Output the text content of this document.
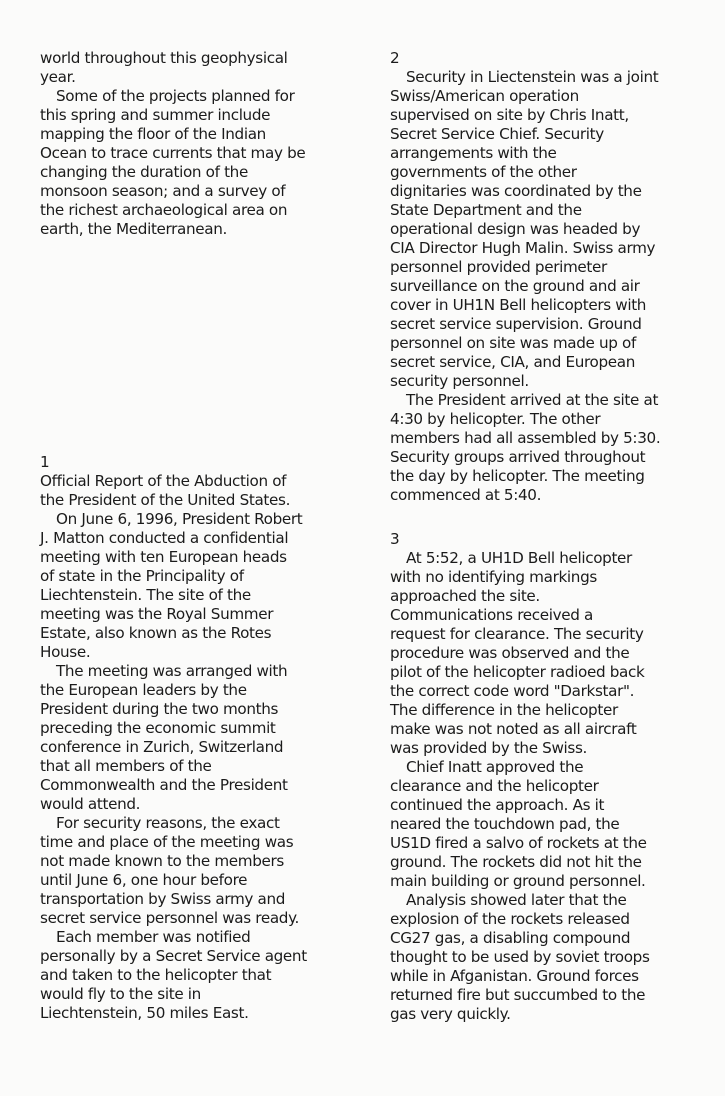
world throughout this geophysical
year.

Some of the projects planned for
this spring and summer include
mapping the floor of the Indian
Ocean to trace currents that may be
changing the duration of the
monsoon season; and a survey of
the richest archaeological area on
earth, the Mediterranean.

1

Official Report of the Abduction of
the President of the United States.

On June 6, 1996, President Robert
J. Matton conducted a confidential
meeting with ten European heads
of state in the Principality of
Liechtenstein. The site of the
meeting was the Royal Summer
Estate, also known as the Rotes
House.

The meeting was arranged with
the European leaders by the
President during the two months
preceding the economic summit
conference in Zurich, Switzerland
that all members of the
Commonwealth and the President
would attend.

For security reasons, the exact
time and place of the meeting was
not made known to the members
until June 6, one hour before
transportation by Swiss army and
secret service personnel was ready.

Each member was notified
personally by a Secret Service agent
and taken to the helicopter that
would fly to the site in
Liechtenstein, 50 miles East.

2

Security in Liectenstein was a joint
Swiss/American operation
supervised on site by Chris Inatt,
Secret Service Chief. Security
arrangements with the
governments of the other
dignitaries was coordinated by the
State Department and the
operational design was headed by
CIA Director Hugh Malin. Swiss army
personnel provided perimeter
surveillance on the ground and air
cover in UH1N Bell helicopters with
secret service supervision. Ground
personnel on site was made up of
secret service, CIA, and European
security personnel.

The President arrived at the site at
4:30 by helicopter. The other
members had all assembled by 5:30.
Security groups arrived throughout
the day by helicopter. The meeting
commenced at 5:40.

3

At 5:52, a UH1D Bell helicopter
with no identifying markings
approached the site.
Communications received a
request for clearance. The security
procedure was observed and the
pilot of the helicopter radioed back
the correct code word "Darkstar".
The difference in the helicopter
make was not noted as all aircraft
was provided by the Swiss.

Chief Inatt approved the
clearance and the helicopter
continued the approach. As it
neared the touchdown pad, the
US1D fired a salvo of rockets at the
ground. The rockets did not hit the
main building or ground personnel.

Analysis showed later that the
explosion of the rockets released
CG27 gas, a disabling compound
thought to be used by soviet troops
while in Afganistan. Ground forces
returned fire but succumbed to the
gas very quickly.
